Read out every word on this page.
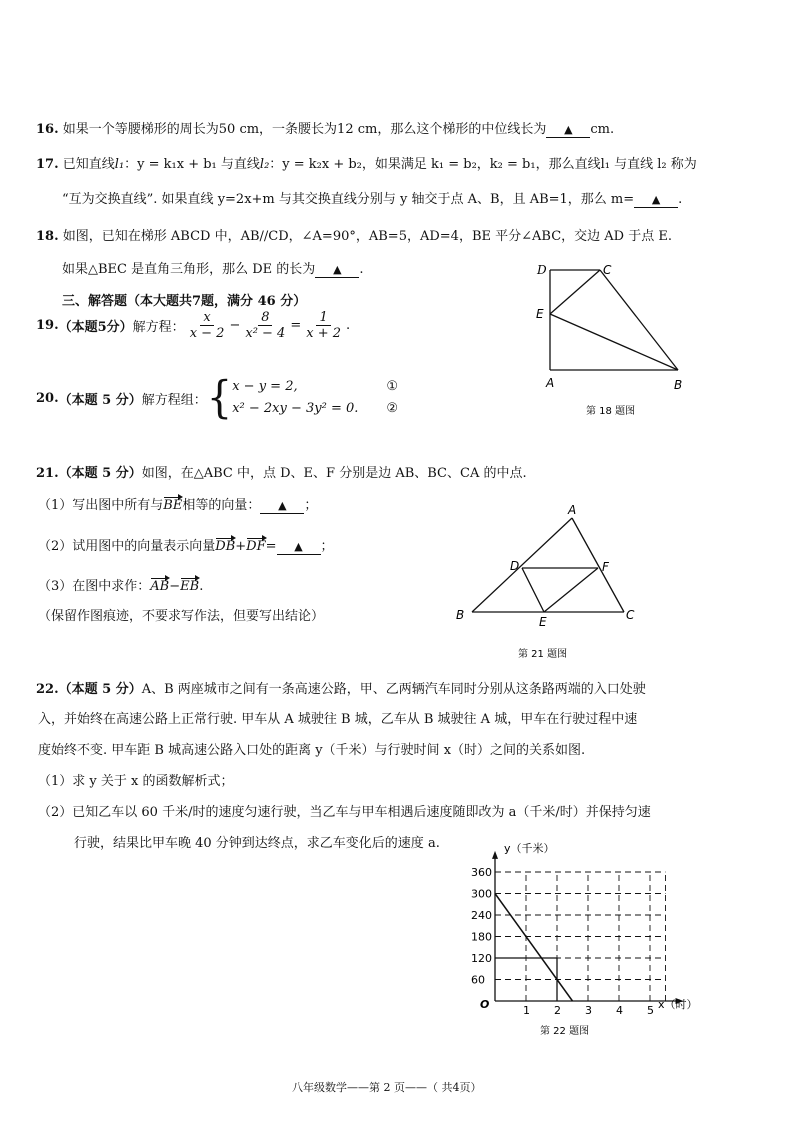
16. 如果一个等腰梯形的周长为50 cm，一条腰长为12 cm，那么这个梯形的中位线长为 ▲ cm.
17. 已知直线l₁：y = k₁x + b₁ 与直线l₂：y = k₂x + b₂，如果满足 k₁ = b₂，k₂ = b₁，那么直线l₁ 与直线 l₂ 称为
“互为交换直线”. 如果直线 y=2x+m 与其交换直线分别与 y 轴交于点 A、B，且 AB=1，那么 m= ▲ .
18. 如图，已知在梯形 ABCD 中，AB//CD，∠A=90°，AB=5，AD=4，BE 平分∠ABC，交边 AD 于点 E.
如果△BEC 是直角三角形，那么 DE 的长为 ▲ .
三、解答题（本大题共7题，满分 46 分）
19. （本题5分） 解方程： $\frac{x}{x - 2} - \frac{8}{\text{x² − 4}} = \frac{1}{x + 2}$ .
20. （本题 5 分） 解方程组： { x − y = 2,
x² − 2xy − 3y² = 0.
①
②
D	C
E
A	B
第 18 题图
21.（本题 5 分）如图，在△ABC 中，点 D、E、F 分别是边 AB、BC、CA 的中点.
（1）写出图中所有与BE相等的向量： ▲ ；
（2）试用图中的向量表示向量DB+DF= ▲ ；
（3）在图中求作：AB−EB.
（保留作图痕迹，不要求写作法，但要写出结论）
A
D	F
B	E	C
第 21 题图
22.（本题 5 分）A、B 两座城市之间有一条高速公路，甲、乙两辆汽车同时分别从这条路两端的入口处驶
入，并始终在高速公路上正常行驶. 甲车从 A 城驶往 B 城，乙车从 B 城驶往 A 城，甲车在行驶过程中速
度始终不变. 甲车距 B 城高速公路入口处的距离 y（千米）与行驶时间 x（时）之间的关系如图.
（1）求 y 关于 x 的函数解析式；
（2）已知乙车以 60 千米/时的速度匀速行驶，当乙车与甲车相遇后速度随即改为 a（千米/时）并保持匀速
行驶，结果比甲车晚 40 分钟到达终点，求乙车变化后的速度 a.
1 2 3 4 5
60
120
180
240
300
360
y（千米）
x（时）
O
第 22 题图
八年级数学——第 2 页——（ 共4页）
